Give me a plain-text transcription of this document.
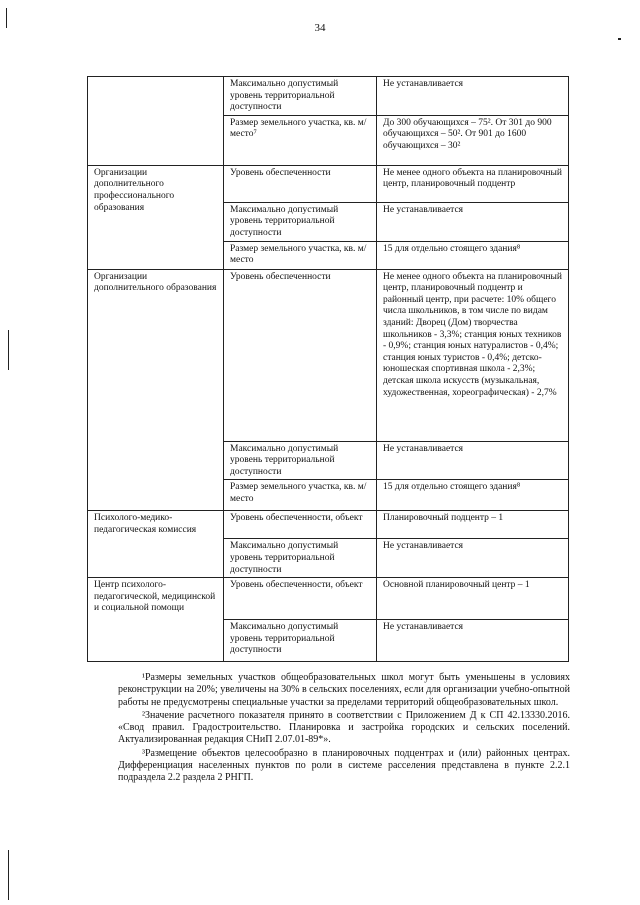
34
	Максимально допустимый уровень территориальной доступности	Не устанавливается
	Размер земельного участка, кв. м/место⁷	До 300 обучающихся – 75². От 301 до 900 обучающихся – 50². От 901 до 1600 обучающихся – 30²
Организации дополнительного профессионального образования	Уровень обеспеченности	Не менее одного объекта на планировочный центр, планировочный подцентр
	Максимально допустимый уровень территориальной доступности	Не устанавливается
	Размер земельного участка, кв. м/место	15 для отдельно стоящего здания⁸
Организации дополнительного образования	Уровень обеспеченности	Не менее одного объекта на планировочный центр, планировочный подцентр и районный центр, при расчете: 10% общего числа школьников, в том числе по видам зданий: Дворец (Дом) творчества школьников - 3,3%; станция юных техников - 0,9%; станция юных натуралистов - 0,4%; станция юных туристов - 0,4%; детско-юношеская спортивная школа - 2,3%; детская школа искусств (музыкальная, художественная, хореографическая) - 2,7%
	Максимально допустимый уровень территориальной доступности	Не устанавливается
	Размер земельного участка, кв. м/место	15 для отдельно стоящего здания⁸
Психолого-медико-педагогическая комиссия	Уровень обеспеченности, объект	Планировочный подцентр – 1
	Максимально допустимый уровень территориальной доступности	Не устанавливается
Центр психолого-педагогической, медицинской и социальной помощи	Уровень обеспеченности, объект	Основной планировочный центр – 1
	Максимально допустимый уровень территориальной доступности	Не устанавливается

¹Размеры земельных участков общеобразовательных школ могут быть уменьшены в условиях реконструкции на 20%; увеличены на 30% в сельских поселениях, если для организации учебно-опытной работы не предусмотрены специальные участки за пределами территорий общеобразовательных школ.

²Значение расчетного показателя принято в соответствии с Приложением Д к СП 42.13330.2016. «Свод правил. Градостроительство. Планировка и застройка городских и сельских поселений. Актуализированная редакция СНиП 2.07.01-89*».

³Размещение объектов целесообразно в планировочных подцентрах и (или) районных центрах. Дифференциация населенных пунктов по роли в системе расселения представлена в пункте 2.2.1 подраздела 2.2 раздела 2 РНГП.
